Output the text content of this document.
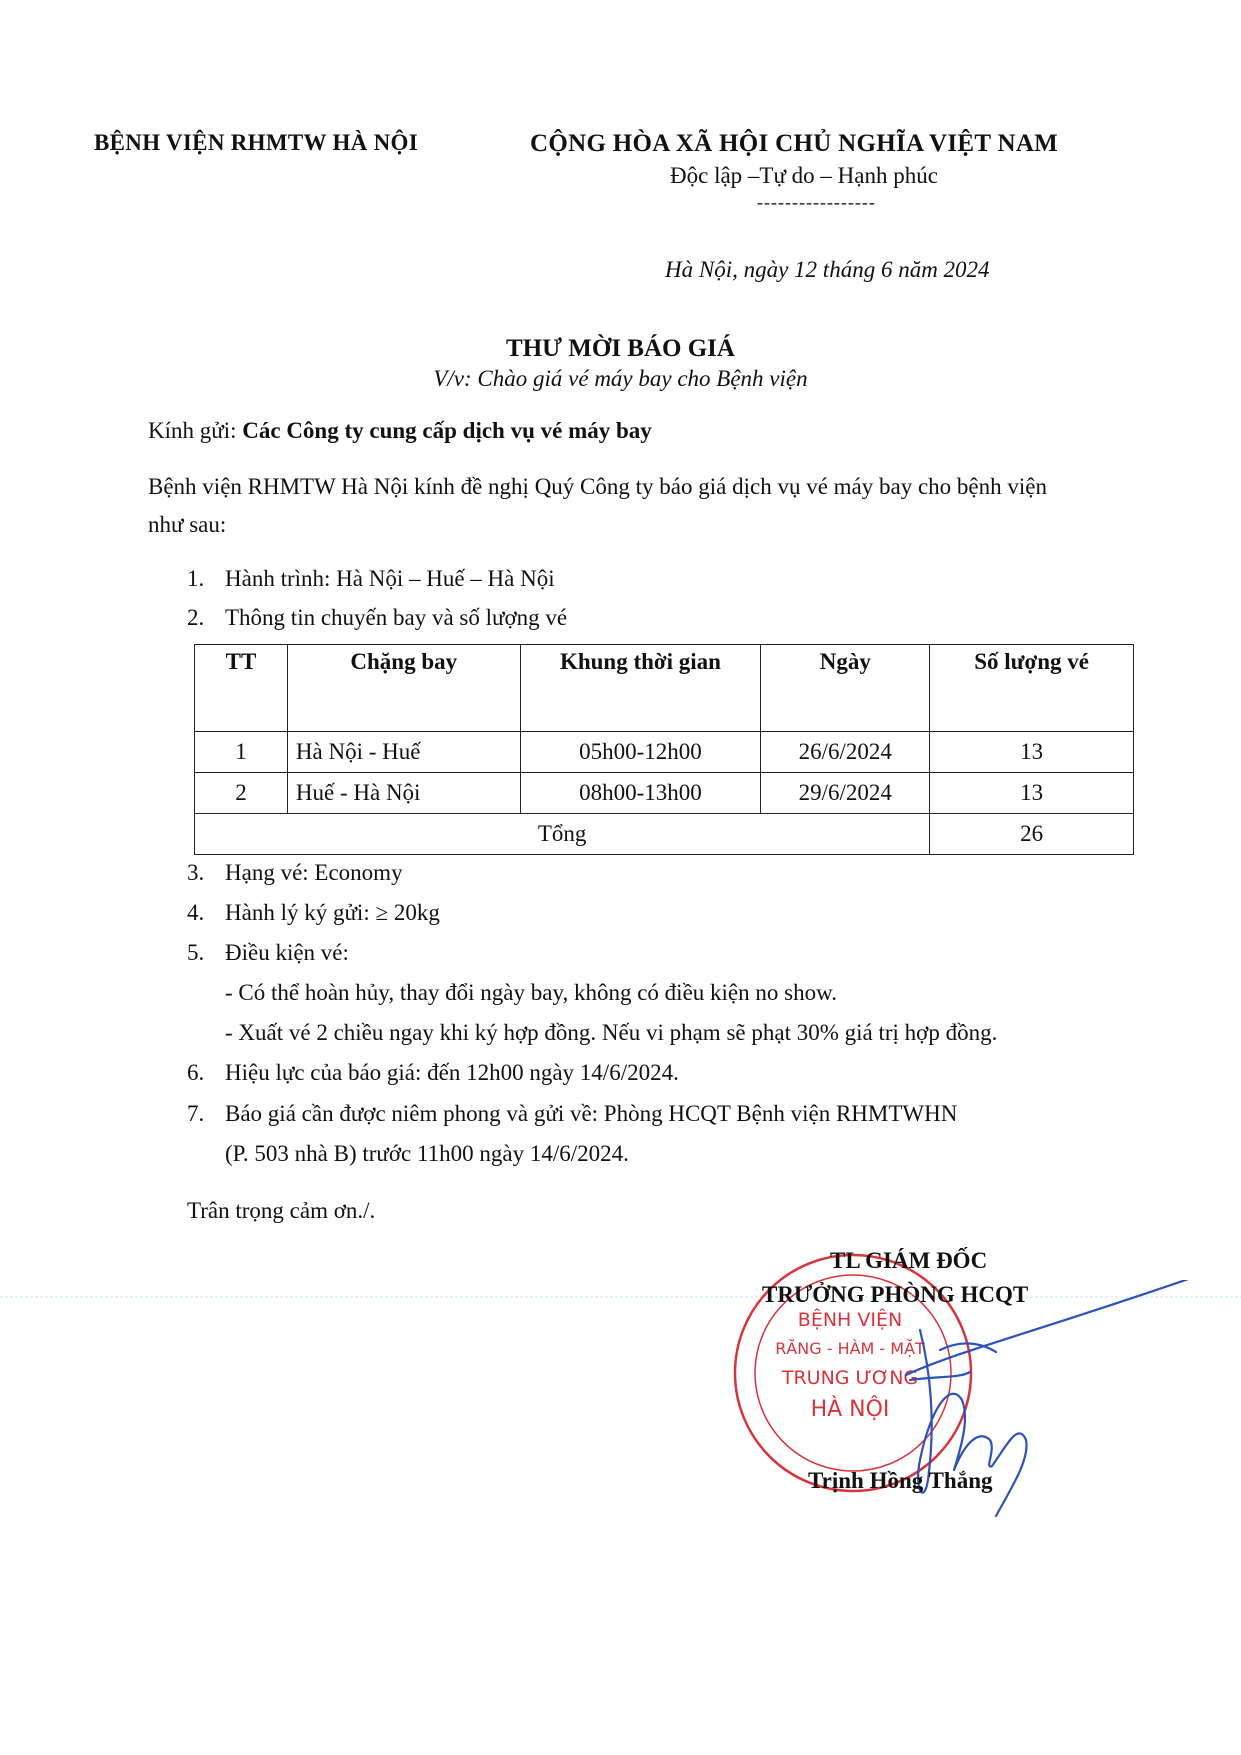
BỆNH VIỆN RHMTW HÀ NỘI	CỘNG HÒA XÃ HỘI CHỦ NGHĨA VIỆT NAM
Độc lập –Tự do – Hạnh phúc
-----------------
Hà Nội, ngày 12 tháng 6 năm 2024
THƯ MỜI BÁO GIÁ
V/v: Chào giá vé máy bay cho Bệnh viện
Kính gửi: Các Công ty cung cấp dịch vụ vé máy bay
Bệnh viện RHMTW Hà Nội kính đề nghị Quý Công ty báo giá dịch vụ vé máy bay cho bệnh viện như sau:
1. Hành trình: Hà Nội – Huế – Hà Nội
2. Thông tin chuyến bay và số lượng vé
TT	Chặng bay	Khung thời gian	Ngày	Số lượng vé
1	Hà Nội - Huế	05h00-12h00	26/6/2024	13
2	Huế - Hà Nội	08h00-13h00	29/6/2024	13
Tổng				26
3. Hạng vé: Economy
4. Hành lý ký gửi: ≥ 20kg
5. Điều kiện vé:
- Có thể hoàn hủy, thay đổi ngày bay, không có điều kiện no show.
- Xuất vé 2 chiều ngay khi ký hợp đồng. Nếu vi phạm sẽ phạt 30% giá trị hợp đồng.
6. Hiệu lực của báo giá: đến 12h00 ngày 14/6/2024.
7. Báo giá cần được niêm phong và gửi về: Phòng HCQT Bệnh viện RHMTWHN
(P. 503 nhà B) trước 11h00 ngày 14/6/2024.
Trân trọng cảm ơn./.
BỆNH VIỆN
RĂNG - HÀM - MẶT
TRUNG ƯƠNG
HÀ NỘI
TL GIÁM ĐỐC
TRƯỞNG PHÒNG HCQT
Trịnh Hồng Thắng
